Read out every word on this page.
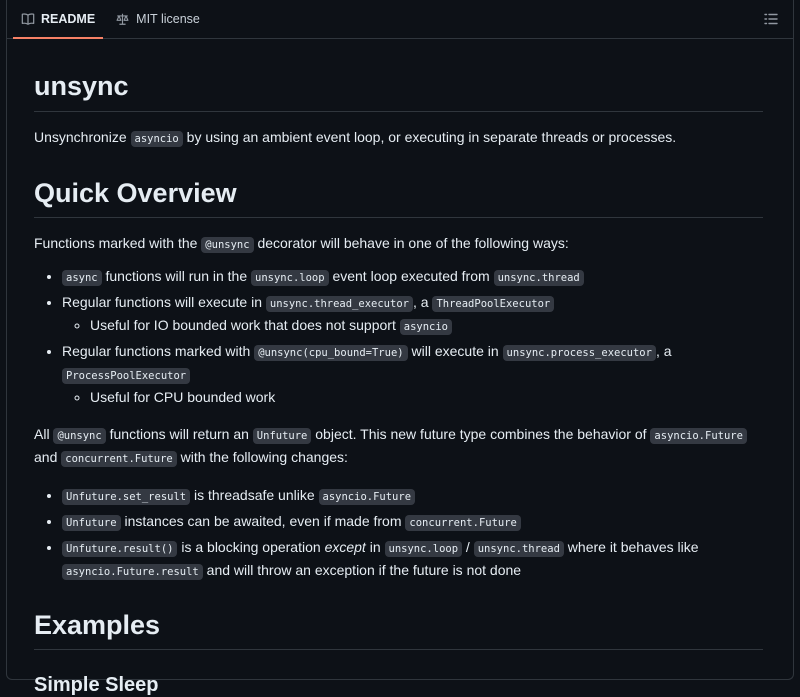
README	MIT license
unsync

Unsynchronize asyncio by using an ambient event loop, or executing in separate threads or processes.

Quick Overview

Functions marked with the @unsync decorator will behave in one of the following ways:

• async functions will run in the unsync.loop event loop executed from unsync.thread
• Regular functions will execute in unsync.thread_executor , a ThreadPoolExecutor
◦ Useful for IO bounded work that does not support asyncio
• Regular functions marked with @unsync(cpu_bound=True) will execute in unsync.process_executor , a ProcessPoolExecutor
◦ Useful for CPU bounded work

All @unsync functions will return an Unfuture object. This new future type combines the behavior of asyncio.Future and concurrent.Future with the following changes:

• Unfuture.set_result is threadsafe unlike asyncio.Future
• Unfuture instances can be awaited, even if made from concurrent.Future
• Unfuture.result() is a blocking operation except in unsync.loop / unsync.thread where it behaves like asyncio.Future.result and will throw an exception if the future is not done
Examples
Simple Sleep
